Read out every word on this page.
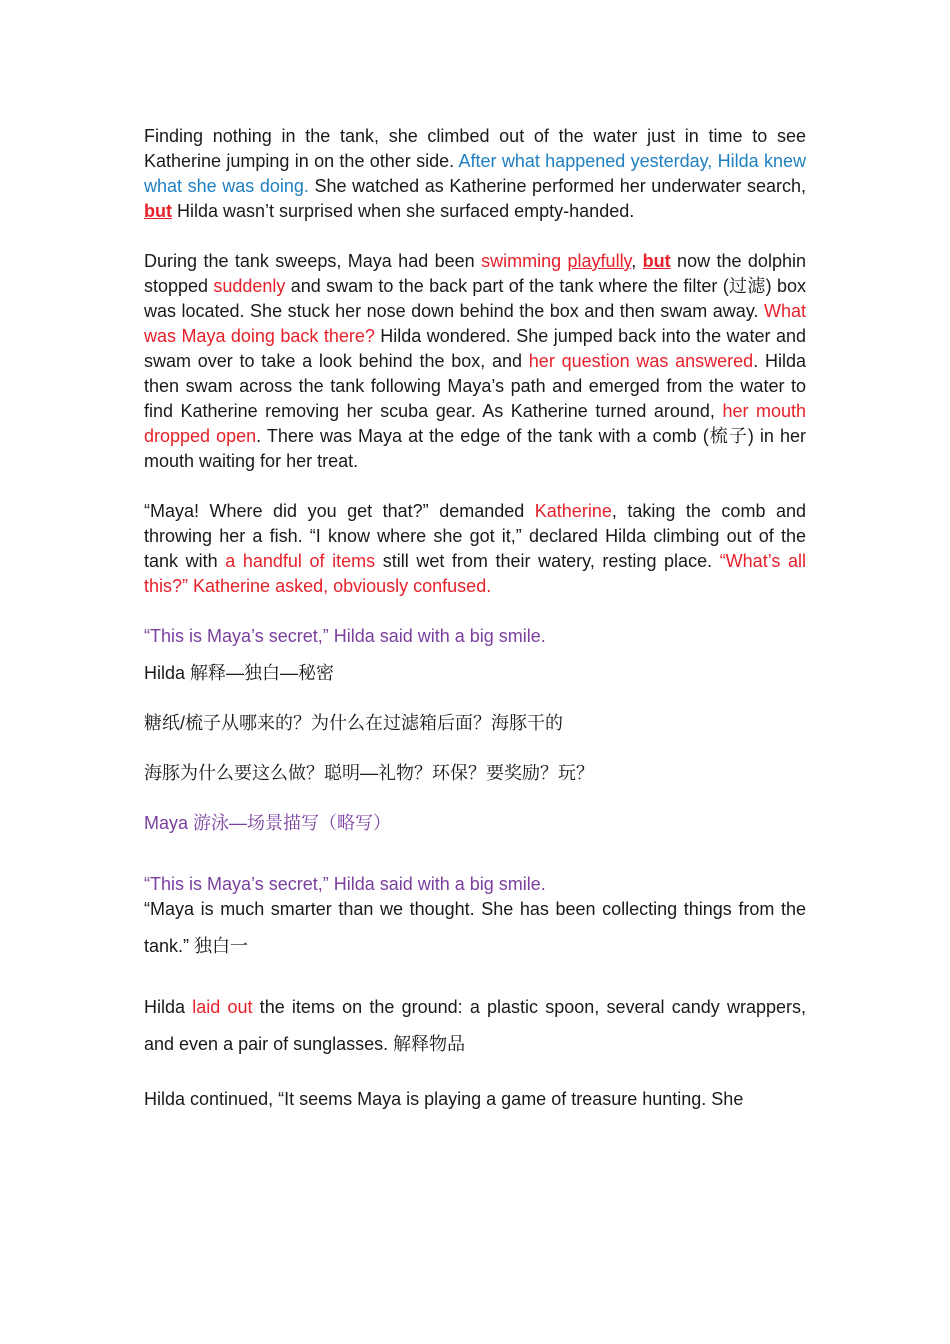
Finding nothing in the tank, she climbed out of the water just in time to see Katherine jumping in on the other side. After what happened yesterday, Hilda knew what she was doing. She watched as Katherine performed her underwater search, but Hilda wasn’t surprised when she surfaced empty-handed.

During the tank sweeps, Maya had been swimming playfully, but now the dolphin stopped suddenly and swam to the back part of the tank where the filter (过滤) box was located. She stuck her nose down behind the box and then swam away. What was Maya doing back there? Hilda wondered. She jumped back into the water and swam over to take a look behind the box, and her question was answered. Hilda then swam across the tank following Maya’s path and emerged from the water to find Katherine removing her scuba gear. As Katherine turned around, her mouth dropped open. There was Maya at the edge of the tank with a comb (梳子) in her mouth waiting for her treat.

“Maya! Where did you get that?” demanded Katherine, taking the comb and throwing her a fish. “I know where she got it,” declared Hilda climbing out of the tank with a handful of items still wet from their watery, resting place. “What’s all this?” Katherine asked, obviously confused.

“This is Maya’s secret,” Hilda said with a big smile.

Hilda 解释—独白—秘密

糖纸/梳子从哪来的？为什么在过滤箱后面？海豚干的

海豚为什么要这么做？聪明—礼物？环保？要奖励？玩？

Maya 游泳—场景描写（略写）

“This is Maya’s secret,” Hilda said with a big smile.

“Maya is much smarter than we thought. She has been collecting things from the tank.” 独白一

Hilda laid out the items on the ground: a plastic spoon, several candy wrappers, and even a pair of sunglasses. 解释物品

Hilda continued, “It seems Maya is playing a game of treasure hunting. She
